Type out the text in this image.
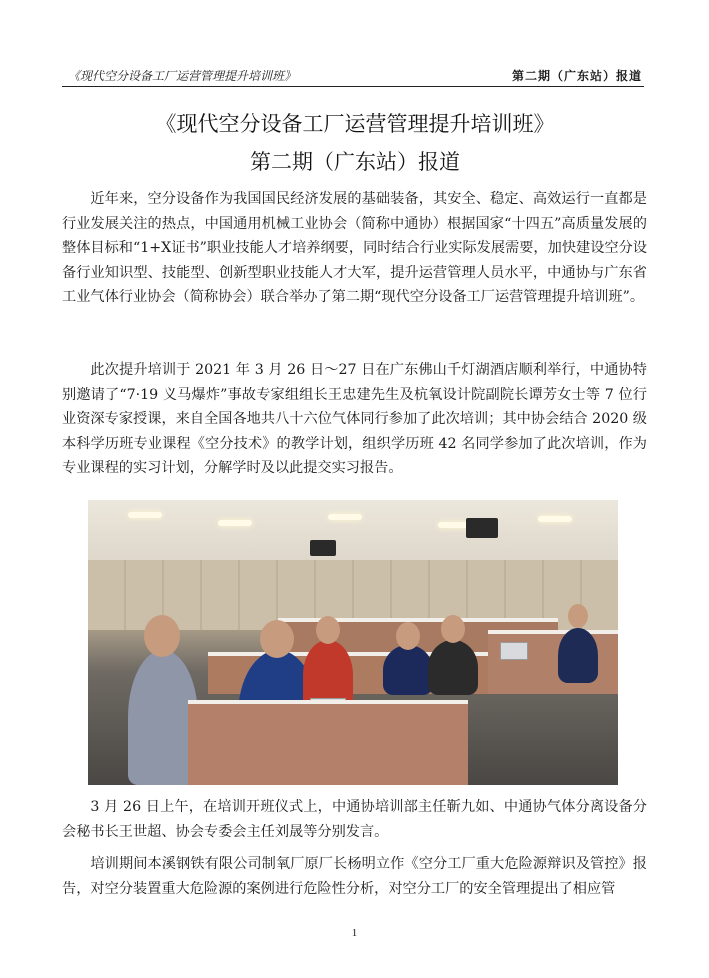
《现代空分设备工厂运营管理提升培训班》	第二期（广东站）报道
《现代空分设备工厂运营管理提升培训班》
第二期（广东站）报道

近年来，空分设备作为我国国民经济发展的基础装备，其安全、稳定、高效运行一直都是行业发展关注的热点，中国通用机械工业协会（简称中通协）根据国家“十四五”高质量发展的整体目标和“1+X证书”职业技能人才培养纲要，同时结合行业实际发展需要，加快建设空分设备行业知识型、技能型、创新型职业技能人才大军，提升运营管理人员水平，中通协与广东省工业气体行业协会（简称协会）联合举办了第二期“现代空分设备工厂运营管理提升培训班”。

此次提升培训于 2021 年 3 月 26 日～27 日在广东佛山千灯湖酒店顺利举行，中通协特别邀请了“7·19 义马爆炸”事故专家组组长王忠建先生及杭氧设计院副院长谭芳女士等 7 位行业资深专家授课，来自全国各地共八十六位气体同行参加了此次培训；其中协会结合 2020 级本科学历班专业课程《空分技术》的教学计划，组织学历班 42 名同学参加了此次培训，作为专业课程的实习计划，分解学时及以此提交实习报告。

3 月 26 日上午，在培训开班仪式上，中通协培训部主任靳九如、中通协气体分离设备分会秘书长王世超、协会专委会主任刘晟等分别发言。

培训期间本溪钢铁有限公司制氧厂原厂长杨明立作《空分工厂重大危险源辩识及管控》报告，对空分装置重大危险源的案例进行危险性分析，对空分工厂的安全管理提出了相应管

1
